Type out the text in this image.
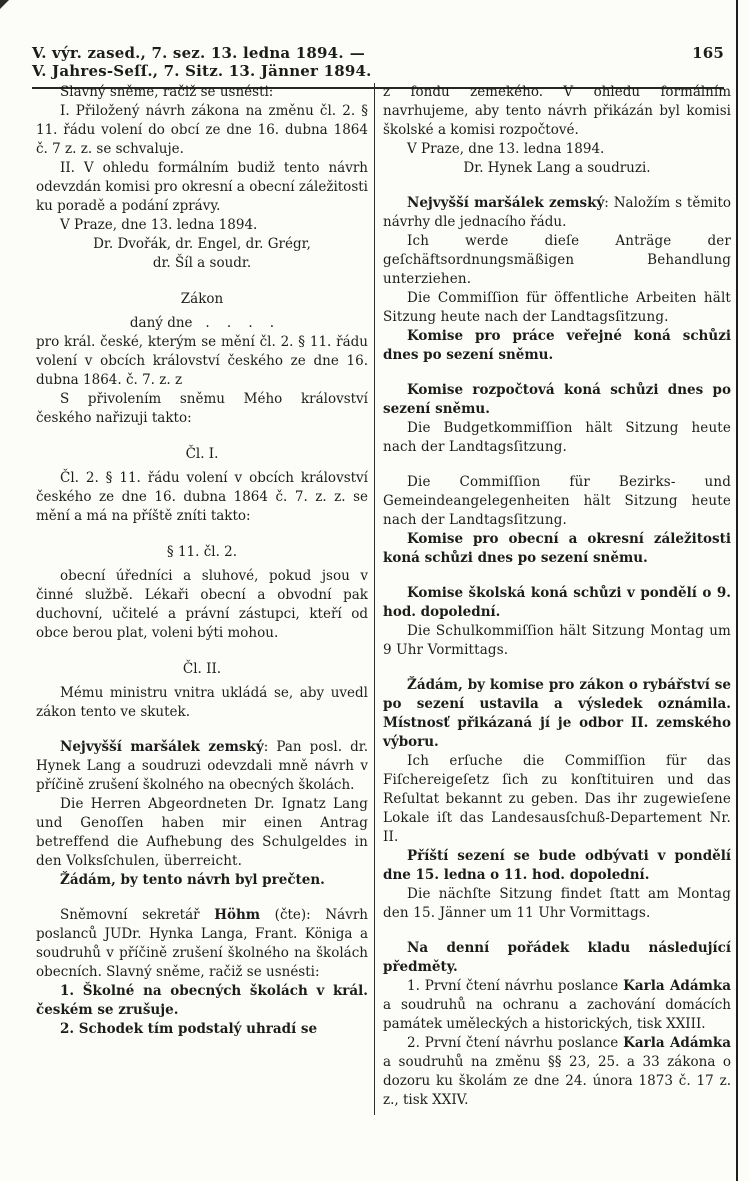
V. výr. zased., 7. sez. 13. ledna 1894. —V. Jahres-Seſſ., 7. Sitz. 13. Jänner 1894.
165

Slavný sněme, račiž se usnésti:

I. Přiložený návrh zákona na změnu čl. 2. § 11. řádu volení do obcí ze dne 16. dubna 1864 č. 7 z. z. se schvaluje.

II. V ohledu formálním budiž tento návrh odevzdán komisi pro okresní a obecní záležitosti ku poradě a podání zprávy.

V Praze, dne 13. ledna 1894.

Dr. Dvořák, dr. Engel, dr. Grégr,

dr. Šíl a soudr.

Zákon

daný dne   .    .    .    .

pro král. české, kterým se mění čl. 2. § 11. řádu volení v obcích království českého ze dne 16. dubna 1864. č. 7. z. z

S přivolením sněmu Mého království českého nařizuji takto:

Čl. I.

Čl. 2. § 11. řádu volení v obcích království českého ze dne 16. dubna 1864 č. 7. z. z. se mění a má na příště zníti takto:

§ 11. čl. 2.

obecní úředníci a sluhové, pokud jsou v činné službě. Lékaři obecní a obvodní pak duchovní, učitelé a právní zástupci, kteří od obce berou plat, voleni býti mohou.

Čl. II.

Mému ministru vnitra ukládá se, aby uvedl zákon tento ve skutek.

Nejvyšší maršálek zemský: Pan posl. dr. Hynek Lang a soudruzi odevzdali mně návrh v příčině zrušení školného na obecných školách.

Die Herren Abgeordneten Dr. Ignatz Lang und Genoſſen haben mir einen Antrag betreffend die Aufhebung des Schulgeldes in den Volksſchulen, überreicht.

Žádám, by tento návrh byl prečten.

Sněmovní sekretář Höhm (čte): Návrh poslanců JUDr. Hynka Langa, Frant. Königa a soudruhů v příčině zrušení školného na školách obecních. Slavný sněme, račiž se usnésti:

1. Školné na obecných školách v král. českém se zrušuje.

2. Schodek tím podstalý uhradí se

z fondu zemekého. V ohledu formálním navrhujeme, aby tento návrh přikázán byl komisi školské a komisi rozpočtové.

V Praze, dne 13. ledna 1894.

Dr. Hynek Lang a soudruzi.

Nejvyšší maršálek zemský: Naložím s těmito návrhy dle jednacího řádu.

Ich werde dieſe Anträge der geſchäftsordnungsmäßigen Behandlung unterziehen.

Die Commiſſion für öffentliche Arbeiten hält Sitzung heute nach der Landtagsſitzung.

Komise pro práce veřejné koná schůzi dnes po sezení sněmu.

Komise rozpočtová koná schůzi dnes po sezení sněmu.

Die Budgetkommiſſion hält Sitzung heute nach der Landtagsſitzung.

Die Commiſſion für Bezirks- und Gemeindeangelegenheiten hält Sitzung heute nach der Landtagsſitzung.

Komise pro obecní a okresní záležitosti koná schůzi dnes po sezení sněmu.

Komise školská koná schůzi v pondělí o 9. hod. dopolední.

Die Schulkommiſſion hält Sitzung Montag um 9 Uhr Vormittags.

Žádám, by komise pro zákon o rybářství se po sezení ustavila a výsledek oznámila. Místnosť přikázaná jí je odbor II. zemského výboru.

Ich erſuche die Commiſſion für das Fiſchereigeſetz ſich zu konſtituiren und das Reſultat bekannt zu geben. Das ihr zugewieſene Lokale iſt das Landesausſchuß-Departement Nr. II.

Příští sezení se bude odbývati v pondělí dne 15. ledna o 11. hod. dopolední.

Die nächſte Sitzung findet ſtatt am Montag den 15. Jänner um 11 Uhr Vormittags.

Na denní pořádek kladu následující předměty.

1. První čtení návrhu poslance Karla Adámka a soudruhů na ochranu a zachování domácích památek uměleckých a historických, tisk XXIII.

2. První čtení návrhu poslance Karla Adámka a soudruhů na změnu §§ 23, 25. a 33 zákona o dozoru ku školám ze dne 24. února 1873 č. 17 z. z., tisk XXIV.
